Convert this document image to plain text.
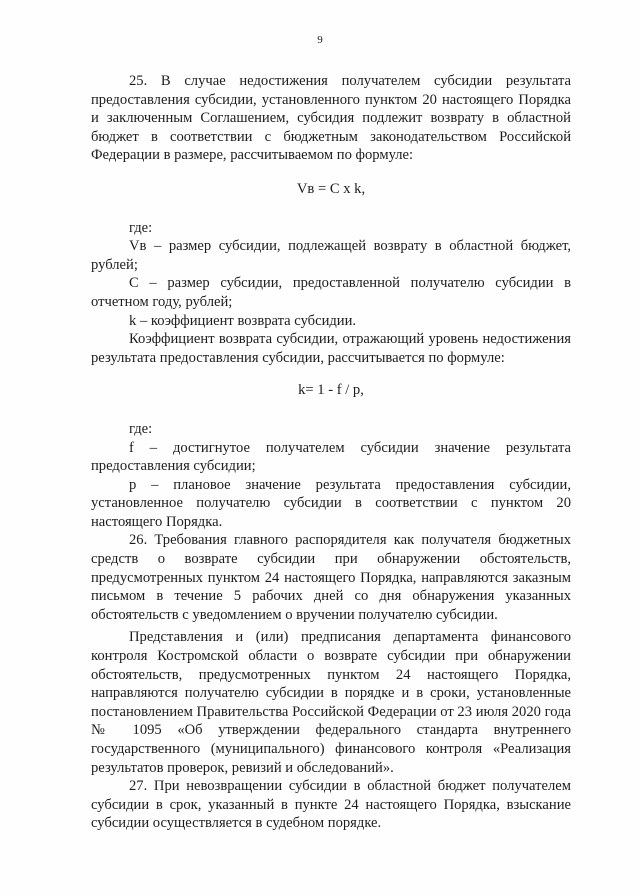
9

25. В случае недостижения получателем субсидии результата предоставления субсидии, установленного пунктом 20 настоящего Порядка и заключенным Соглашением, субсидия подлежит возврату в областной бюджет в соответствии с бюджетным законодательством Российской Федерации в размере, рассчитываемом по формуле:

Vв = C x k,

где:

Vв – размер субсидии, подлежащей возврату в областной бюджет, рублей;

C – размер субсидии, предоставленной получателю субсидии в отчетном году, рублей;

k – коэффициент возврата субсидии.

Коэффициент возврата субсидии, отражающий уровень недостижения результата предоставления субсидии, рассчитывается по формуле:

k= 1 - f / p,

где:

f – достигнутое получателем субсидии значение результата предоставления субсидии;

p – плановое значение результата предоставления субсидии, установленное получателю субсидии в соответствии с пунктом 20 настоящего Порядка.

26. Требования главного распорядителя как получателя бюджетных средств о возврате субсидии при обнаружении обстоятельств, предусмотренных пунктом 24 настоящего Порядка, направляются заказным письмом в течение 5 рабочих дней со дня обнаружения указанных обстоятельств с уведомлением о вручении получателю субсидии.

Представления и (или) предписания департамента финансового контроля Костромской области о возврате субсидии при обнаружении обстоятельств, предусмотренных пунктом 24 настоящего Порядка, направляются получателю субсидии в порядке и в сроки, установленные постановлением Правительства Российской Федерации от 23 июля 2020 года № 1095 «Об утверждении федерального стандарта внутреннего государственного (муниципального) финансового контроля «Реализация результатов проверок, ревизий и обследований».

27. При невозвращении субсидии в областной бюджет получателем субсидии в срок, указанный в пункте 24 настоящего Порядка, взыскание субсидии осуществляется в судебном порядке.
